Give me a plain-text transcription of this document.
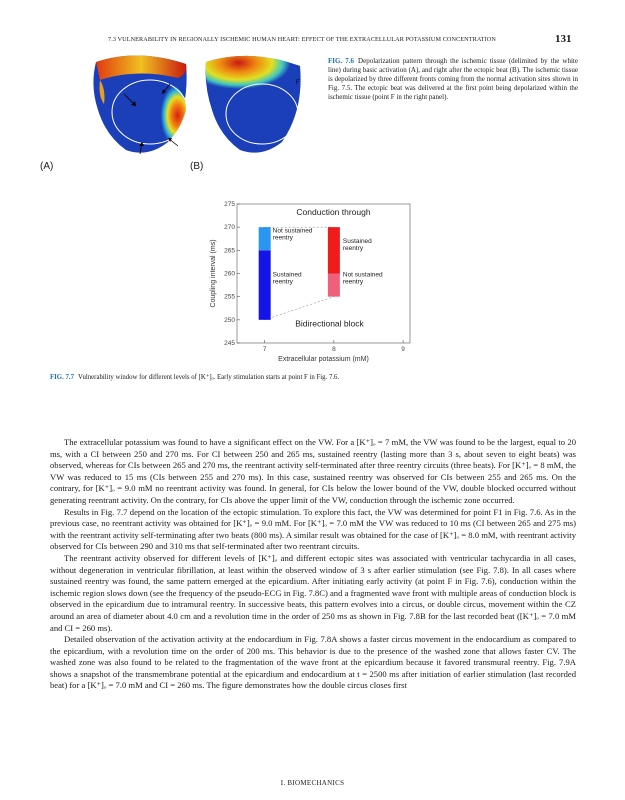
7.3 VULNERABILITY IN REGIONALLY ISCHEMIC HUMAN HEART: EFFECT OF THE EXTRACELLULAR POTASSIUM CONCENTRATION	131
F
(A)	(B)
FIG. 7.6 Depolarization pattern through the ischemic tissue (delimited by the white line) during basic activation (A), and right after the ectopic beat (B). The ischemic tissue is depolarized by three different fronts coming from the normal activation sites shown in Fig. 7.5. The ectopic beat was delivered at the first point being depolarized within the ischemic tissue (point F in the right panel).
245
250
255
260
265
270
275
7	8	9
Conduction through
Bidirectional block
Not sustained
reentry
Sustained
reentry
Sustained
reentry
Not sustained
reentry
Extracellular potassium (mM)
Coupling interval (ms)
FIG. 7.7 Vulnerability window for different levels of [K⁺]ₒ. Early stimulation starts at point F in Fig. 7.6.

The extracellular potassium was found to have a significant effect on the VW. For a [K⁺]ₒ = 7 mM, the VW was found to be the largest, equal to 20 ms, with a CI between 250 and 270 ms. For CI between 250 and 265 ms, sustained reentry (lasting more than 3 s, about seven to eight beats) was observed, whereas for CIs between 265 and 270 ms, the reentrant activity self-terminated after three reentry circuits (three beats). For [K⁺]ₒ = 8 mM, the VW was reduced to 15 ms (CIs between 255 and 270 ms). In this case, sustained reentry was observed for CIs between 255 and 265 ms. On the contrary, for [K⁺]ₒ = 9.0 mM no reentrant activity was found. In general, for CIs below the lower bound of the VW, double blocked occurred without generating reentrant activity. On the contrary, for CIs above the upper limit of the VW, conduction through the ischemic zone occurred.

Results in Fig. 7.7 depend on the location of the ectopic stimulation. To explore this fact, the VW was determined for point F1 in Fig. 7.6. As in the previous case, no reentrant activity was obtained for [K⁺]ₒ = 9.0 mM. For [K⁺]ₒ = 7.0 mM the VW was reduced to 10 ms (CI between 265 and 275 ms) with the reentrant activity self-terminating after two beats (800 ms). A similar result was obtained for the case of [K⁺]ₒ = 8.0 mM, with reentrant activity observed for CIs between 290 and 310 ms that self-terminated after two reentrant circuits.

The reentrant activity observed for different levels of [K⁺]ₒ and different ectopic sites was associated with ventricular tachycardia in all cases, without degeneration in ventricular fibrillation, at least within the observed window of 3 s after earlier stimulation (see Fig. 7.8). In all cases where sustained reentry was found, the same pattern emerged at the epicardium. After initiating early activity (at point F in Fig. 7.6), conduction within the ischemic region slows down (see the frequency of the pseudo-ECG in Fig. 7.8C) and a fragmented wave front with multiple areas of conduction block is observed in the epicardium due to intramural reentry. In successive beats, this pattern evolves into a circus, or double circus, movement within the CZ around an area of diameter about 4.0 cm and a revolution time in the order of 250 ms as shown in Fig. 7.8B for the last recorded beat ([K⁺]ₒ = 7.0 mM and CI = 260 ms).

Detailed observation of the activation activity at the endocardium in Fig. 7.8A shows a faster circus movement in the endocardium as compared to the epicardium, with a revolution time on the order of 200 ms. This behavior is due to the presence of the washed zone that allows faster CV. The washed zone was also found to be related to the fragmentation of the wave front at the epicardium because it favored transmural reentry. Fig. 7.9A shows a snapshot of the transmembrane potential at the epicardium and endocardium at t = 2500 ms after initiation of earlier stimulation (last recorded beat) for a [K⁺]ₒ = 7.0 mM and CI = 260 ms. The figure demonstrates how the double circus closes first

I. BIOMECHANICS
